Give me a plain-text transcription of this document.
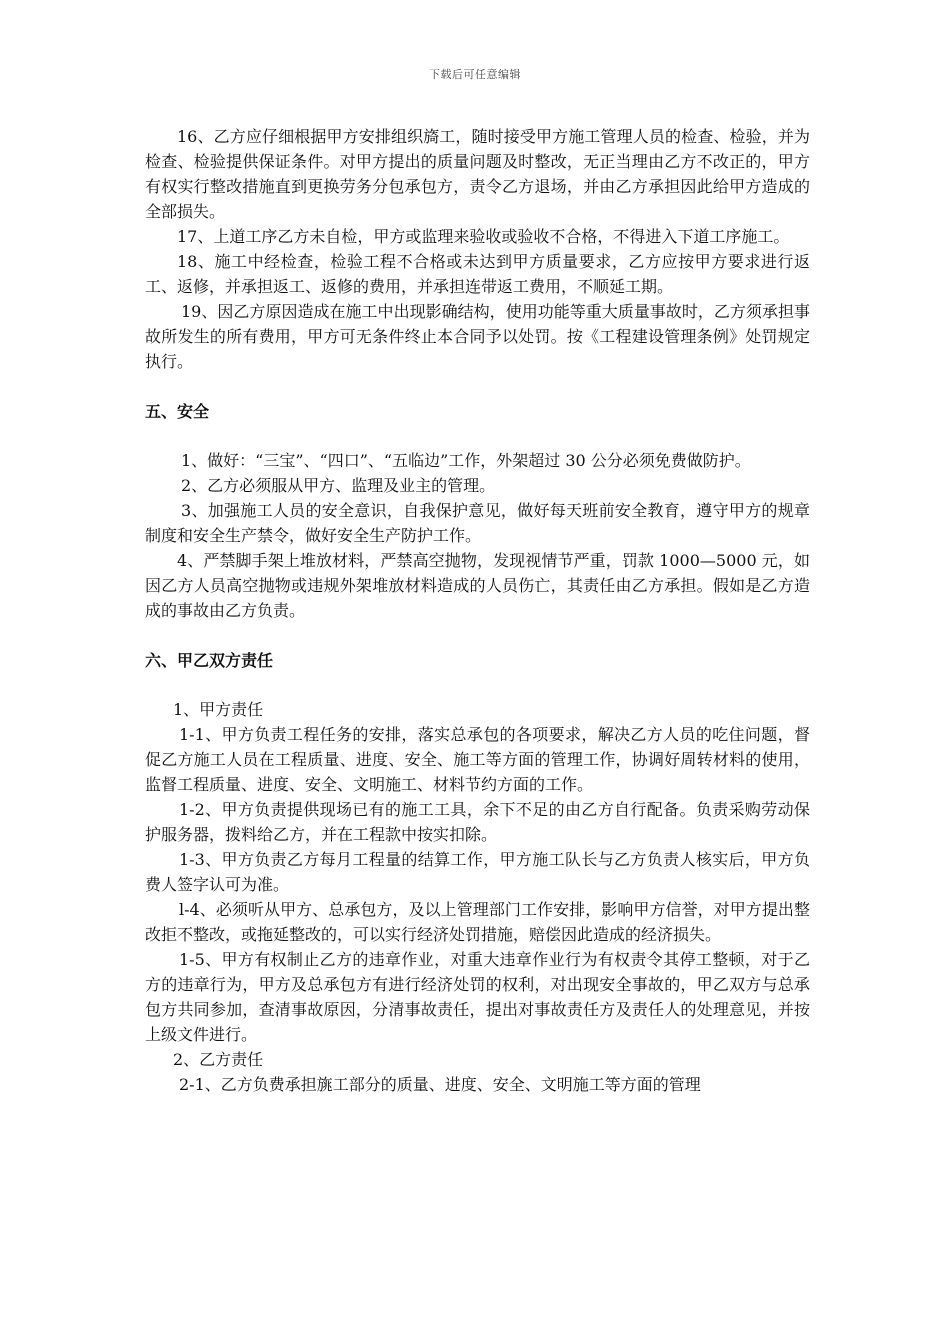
下载后可任意编辑

16、乙方应仔细根据甲方安排组织旖工，随时接受甲方施工管理人员的检查、检验，并为检查、检验提供保证条件。对甲方提出的质量问题及时整改，无正当理由乙方不改正的，甲方有权实行整改措施直到更换劳务分包承包方，责令乙方退场，并由乙方承担因此给甲方造成的全部损失。

17、上道工序乙方未自检，甲方或监理来验收或验收不合格，不得进入下道工序施工。

18、施工中经检查，检验工程不合格或未达到甲方质量要求，乙方应按甲方要求进行返工、返修，并承担返工、返修的费用，并承担连带返工费用，不顺延工期。

19、因乙方原因造成在施工中出现影确结构，使用功能等重大质量事故时，乙方须承担事故所发生的所有费用，甲方可无条件终止本合同予以处罚。按《工程建设管理条例》处罚规定执行。

五、安全

1、做好：“三宝”、“四口”、“五临边”工作，外架超过 30 公分必须免费做防护。

2、乙方必须服从甲方、监理及业主的管理。

3、加强施工人员的安全意识，自我保护意见，做好每天班前安全教育，遵守甲方的规章制度和安全生产禁令，做好安全生产防护工作。

4、严禁脚手架上堆放材料，严禁高空抛物，发现视情节严重，罚款 1000—5000 元，如因乙方人员高空抛物或违规外架堆放材料造成的人员伤亡，其责任由乙方承担。假如是乙方造成的事故由乙方负责。

六、甲乙双方责任

1、甲方责任

1-1、甲方负责工程任务的安排，落实总承包的各项要求，解决乙方人员的吃住问题，督促乙方施工人员在工程质量、进度、安全、施工等方面的管理工作，协调好周转材料的使用，监督工程质量、进度、安全、文明施工、材料节约方面的工作。

1-2、甲方负责提供现场已有的施工工具，余下不足的由乙方自行配备。负责采购劳动保护服务器，拨料给乙方，并在工程款中按实扣除。

1-3、甲方负责乙方每月工程量的结算工作，甲方施工队长与乙方负责人核实后，甲方负费人签字认可为准。

l-4、必须听从甲方、总承包方，及以上管理部门工作安排，影响甲方信誉，对甲方提出整改拒不整改，或拖延整改的，可以实行经济处罚措施，赔偿因此造成的经济损失。

1-5、甲方有权制止乙方的违章作业，对重大违章作业行为有权责令其停工整顿，对于乙方的违章行为，甲方及总承包方有进行经济处罚的权利，对出现安全事故的，甲乙双方与总承包方共同参加，查清事故原因，分清事故责任，提出对事故责任方及责任人的处理意见，并按上级文件进行。

2、乙方责任

2-1、乙方负费承担旐工部分的质量、进度、安全、文明施工等方面的管理
